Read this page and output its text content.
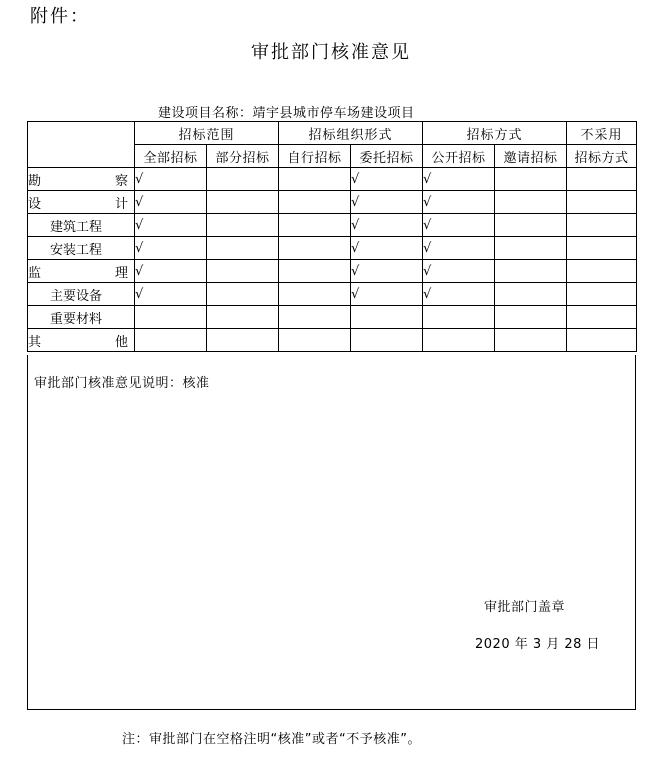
附件：
审批部门核准意见
建设项目名称：靖宇县城市停车场建设项目
	招标范围		招标组织形式		招标方式		不采用
	全部招标	部分招标	自行招标	委托招标	公开招标	邀请招标	招标方式

勘 察	√			√	√		

设 计	√			√	√		
建筑工程	√			√	√		
安装工程	√			√	√		

监 理	√			√	√		
主要设备	√			√	√		
重要材料							

其 他							

审批部门核准意见说明：核准
审批部门盖章
2020 年 3 月 28 日
注：审批部门在空格注明“核准”或者“不予核准”。
